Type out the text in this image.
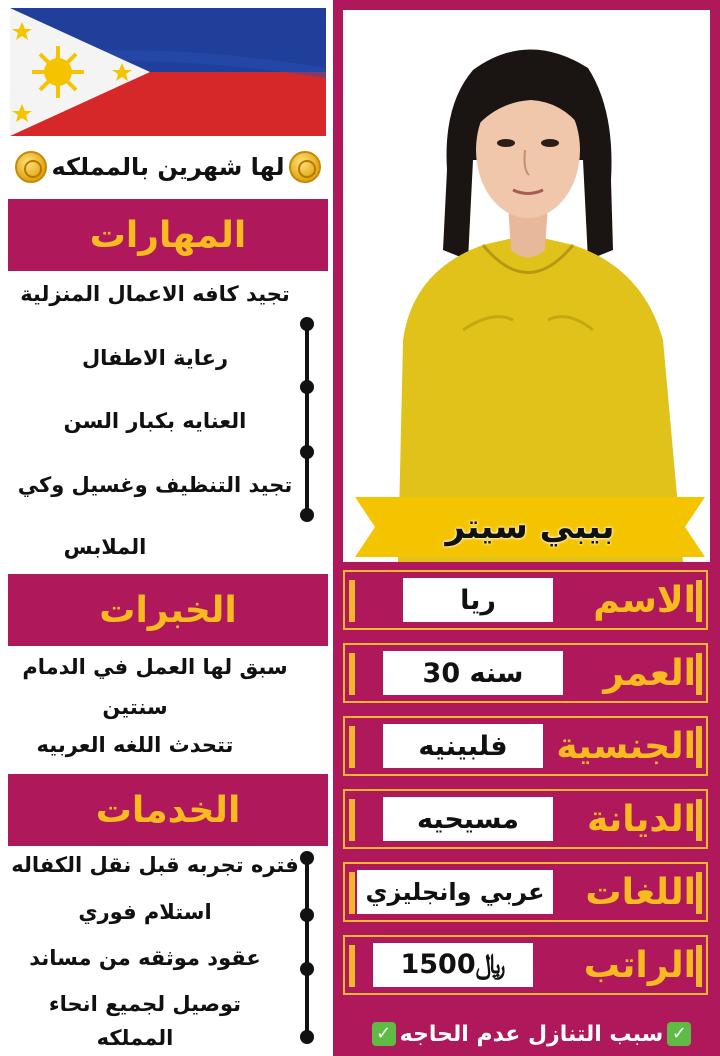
بيبي سيتر
ريا	الاسم
30 سنه	العمر
فلبينيه	الجنسية
مسيحيه	الديانة
عربي وانجليزي	اللغات
1500﷼	الراتب
✓ سبب التنازل عدم الحاجه ✓
لها شهرين بالمملكه
المهارات
تجيد كافه الاعمال المنزلية
رعاية الاطفال
العنايه بكبار السن
تجيد التنظيف وغسيل وكي
الملابس
الخبرات
سبق لها العمل في الدمام
سنتين
تتحدث اللغه العربيه
الخدمات
فتره تجربه قبل نقل الكفاله
استلام فوري
عقود موثقه من مساند
توصيل لجميع انحاء
المملكه
